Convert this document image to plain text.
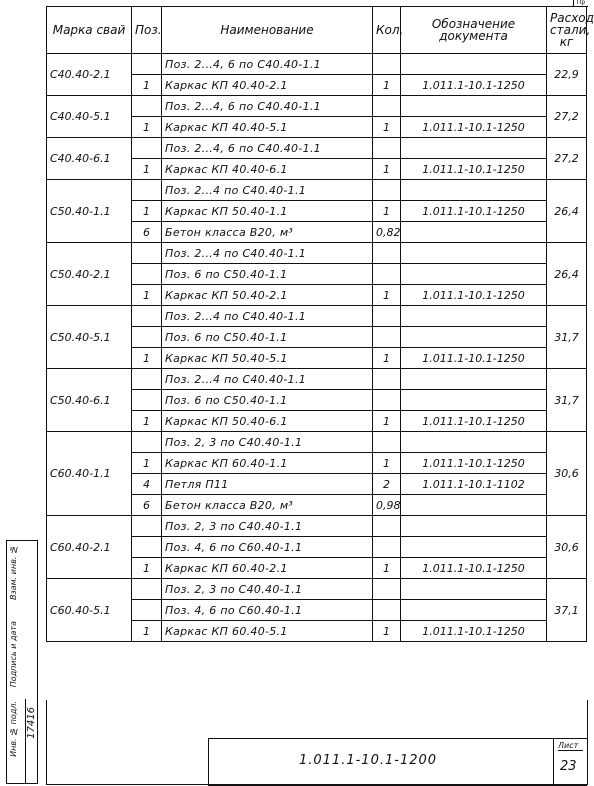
Пр
Марка свай	Поз.	Наименование	Кол.	Обозначение документа	Расход стали, кг
С40.40-2.1		Поз. 2...4, 6 по С40.40-1.1			22,9
	1	Каркас КП 40.40-2.1	1	1.011.1-10.1-1250	
С40.40-5.1		Поз. 2...4, 6 по С40.40-1.1			27,2
	1	Каркас КП 40.40-5.1	1	1.011.1-10.1-1250	
С40.40-6.1		Поз. 2...4, 6 по С40.40-1.1			27,2
	1	Каркас КП 40.40-6.1	1	1.011.1-10.1-1250	
С50.40-1.1		Поз. 2...4 по С40.40-1.1			26,4
	1	Каркас КП 50.40-1.1	1	1.011.1-10.1-1250	
	6	Бетон класса В20, м³	0,82		
С50.40-2.1		Поз. 2...4 по С40.40-1.1			26,4
		Поз. 6 по С50.40-1.1			
	1	Каркас КП 50.40-2.1	1	1.011.1-10.1-1250	
С50.40-5.1		Поз. 2...4 по С40.40-1.1			31,7
		Поз. 6 по С50.40-1.1			
	1	Каркас КП 50.40-5.1	1	1.011.1-10.1-1250	
С50.40-6.1		Поз. 2...4 по С40.40-1.1			31,7
		Поз. 6 по С50.40-1.1			
	1	Каркас КП 50.40-6.1	1	1.011.1-10.1-1250	
С60.40-1.1		Поз. 2, 3 по С40.40-1.1			30,6
	1	Каркас КП 60.40-1.1	1	1.011.1-10.1-1250	
	4	Петля П11	2	1.011.1-10.1-1102	
	6	Бетон класса В20, м³	0,98		
С60.40-2.1		Поз. 2, 3 по С40.40-1.1			30,6
		Поз. 4, 6 по С60.40-1.1			
	1	Каркас КП 60.40-2.1	1	1.011.1-10.1-1250	
С60.40-5.1		Поз. 2, 3 по С40.40-1.1			37,1
		Поз. 4, 6 по С60.40-1.1			
	1	Каркас КП 60.40-5.1	1	1.011.1-10.1-1250	
Инв. № подл.
Подпись и дата
Взам. инв. №
17416
1.011.1-10.1-1200
Лист
23
